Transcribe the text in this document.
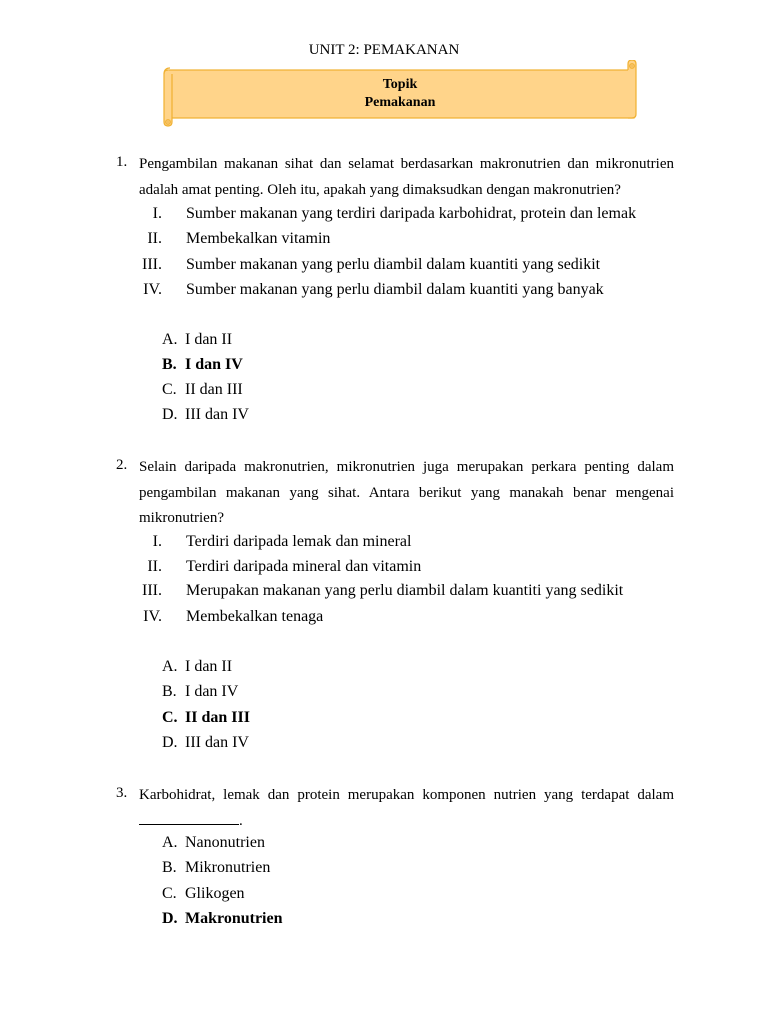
UNIT 2: PEMAKANAN
Topik
Pemakanan
1. Pengambilan makanan sihat dan selamat berdasarkan makronutrien dan mikronutrien adalah amat penting. Oleh itu, apakah yang dimaksudkan dengan makronutrien?
I. Sumber makanan yang terdiri daripada karbohidrat, protein dan lemak
II. Membekalkan vitamin
III. Sumber makanan yang perlu diambil dalam kuantiti yang sedikit
IV. Sumber makanan yang perlu diambil dalam kuantiti yang banyak
A. I dan II
B. I dan IV
C. II dan III
D. III dan IV
2. Selain daripada makronutrien, mikronutrien juga merupakan perkara penting dalam pengambilan makanan yang sihat. Antara berikut yang manakah benar mengenai mikronutrien?
I. Terdiri daripada lemak dan mineral
II. Terdiri daripada mineral dan vitamin
III. Merupakan makanan yang perlu diambil dalam kuantiti yang sedikit
IV. Membekalkan tenaga
A. I dan II
B. I dan IV
C. II dan III
D. III dan IV
3. Karbohidrat, lemak dan protein merupakan komponen nutrien yang terdapat dalam .
A. Nanonutrien
B. Mikronutrien
C. Glikogen
D. Makronutrien
